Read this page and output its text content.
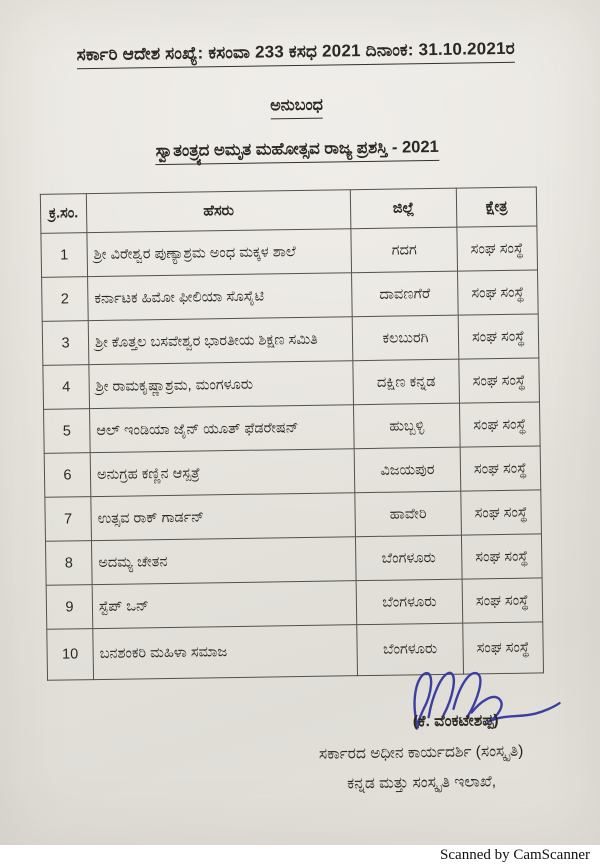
ಸರ್ಕಾರಿ ಆದೇಶ ಸಂಖ್ಯೆ: ಕಸಂವಾ 233 ಕಸಧ 2021 ದಿನಾಂಕ: 31.10.2021ರ
ಅನುಬಂಧ
ಸ್ವಾತಂತ್ರ್ಯದ ಅಮೃತ ಮಹೋತ್ಸವ ರಾಜ್ಯ ಪ್ರಶಸ್ತಿ - 2021
ಕ್ರ.ಸಂ.	ಹೆಸರು	ಜಿಲ್ಲೆ	ಕ್ಷೇತ್ರ
1	ಶ್ರೀ ವಿರೇಶ್ವರ ಪುಣ್ಯಾಶ್ರಮ ಅಂಧ ಮಕ್ಕಳ ಶಾಲೆ	ಗದಗ	ಸಂಘ ಸಂಸ್ಥೆ
2	ಕರ್ನಾಟಕ ಹಿಮೋ ಫೀಲಿಯಾ ಸೊಸೈಟಿ	ದಾವಣಗೆರೆ	ಸಂಘ ಸಂಸ್ಥೆ
3	ಶ್ರೀ ಕೊತ್ತಲ ಬಸವೇಶ್ವರ ಭಾರತೀಯ ಶಿಕ್ಷಣ ಸಮಿತಿ	ಕಲಬುರಗಿ	ಸಂಘ ಸಂಸ್ಥೆ
4	ಶ್ರೀ ರಾಮಕೃಷ್ಣಾಶ್ರಮ, ಮಂಗಳೂರು	ದಕ್ಷಿಣ ಕನ್ನಡ	ಸಂಘ ಸಂಸ್ಥೆ
5	ಆಲ್ ಇಂಡಿಯಾ ಜೈನ್ ಯೂತ್ ಫೆಡರೇಷನ್	ಹುಬ್ಬಳ್ಳಿ	ಸಂಘ ಸಂಸ್ಥೆ
6	ಅನುಗ್ರಹ ಕಣ್ಣಿನ ಆಸ್ಪತ್ರೆ	ವಿಜಯಪುರ	ಸಂಘ ಸಂಸ್ಥೆ
7	ಉತ್ಸವ ರಾಕ್ ಗಾರ್ಡನ್	ಹಾವೇರಿ	ಸಂಘ ಸಂಸ್ಥೆ
8	ಅದಮ್ಯ ಚೇತನ	ಬೆಂಗಳೂರು	ಸಂಘ ಸಂಸ್ಥೆ
9	ಸ್ಟೆಪ್ ಒನ್	ಬೆಂಗಳೂರು	ಸಂಘ ಸಂಸ್ಥೆ
10	ಬನಶಂಕರಿ ಮಹಿಳಾ ಸಮಾಜ	ಬೆಂಗಳೂರು	ಸಂಘ ಸಂಸ್ಥೆ
(ಕೆ. ವೆಂಕಟೇಶಪ್ಪ)
ಸರ್ಕಾರದ ಅಧೀನ ಕಾರ್ಯದರ್ಶಿ (ಸಂಸ್ಕೃತಿ)
ಕನ್ನಡ ಮತ್ತು ಸಂಸ್ಕೃತಿ ಇಲಾಖೆ,
Scanned by CamScanner
